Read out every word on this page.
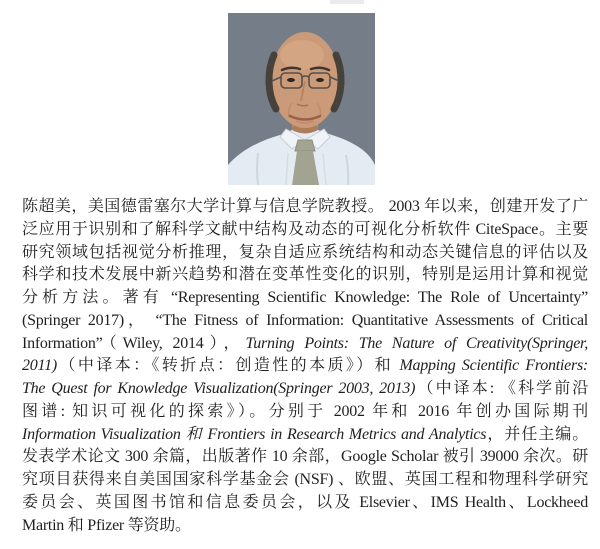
陈超美，美国德雷塞尔大学计算与信息学院教授。 2003 年以来，创建开发了广
泛应用于识别和了解科学文献中结构及动态的可视化分析软件 CiteSpace。主要
研究领域包括视觉分析推理，复杂自适应系统结构和动态关键信息的评估以及
科学和技术发展中新兴趋势和潜在变革性变化的识别，特别是运用计算和视觉
分析方法。著有 “Representing Scientific Knowledge: The Role of Uncertainty”
(Springer 2017)， “The Fitness of Information: Quantitative Assessments of Critical
Information”（Wiley, 2014），Turning Points: The Nature of Creativity(Springer,
2011)（中译本：《转折点：创造性的本质》）和 Mapping Scientific Frontiers:
The Quest for Knowledge Visualization(Springer 2003, 2013)（中译本: 《科学前沿
图谱: 知识可视化的探索》）。分别于 2002 年和 2016 年创办国际期刊
Information Visualization 和 Frontiers in Research Metrics and Analytics，并任主编。
发表学术论文 300 余篇，出版著作 10 余部，Google Scholar 被引 39000 余次。研
究项目获得来自美国国家科学基金会 (NSF) 、欧盟、英国工程和物理科学研究
委员会、英国图书馆和信息委员会，以及 Elsevier、IMS Health、Lockheed
Martin 和 Pfizer 等资助。
